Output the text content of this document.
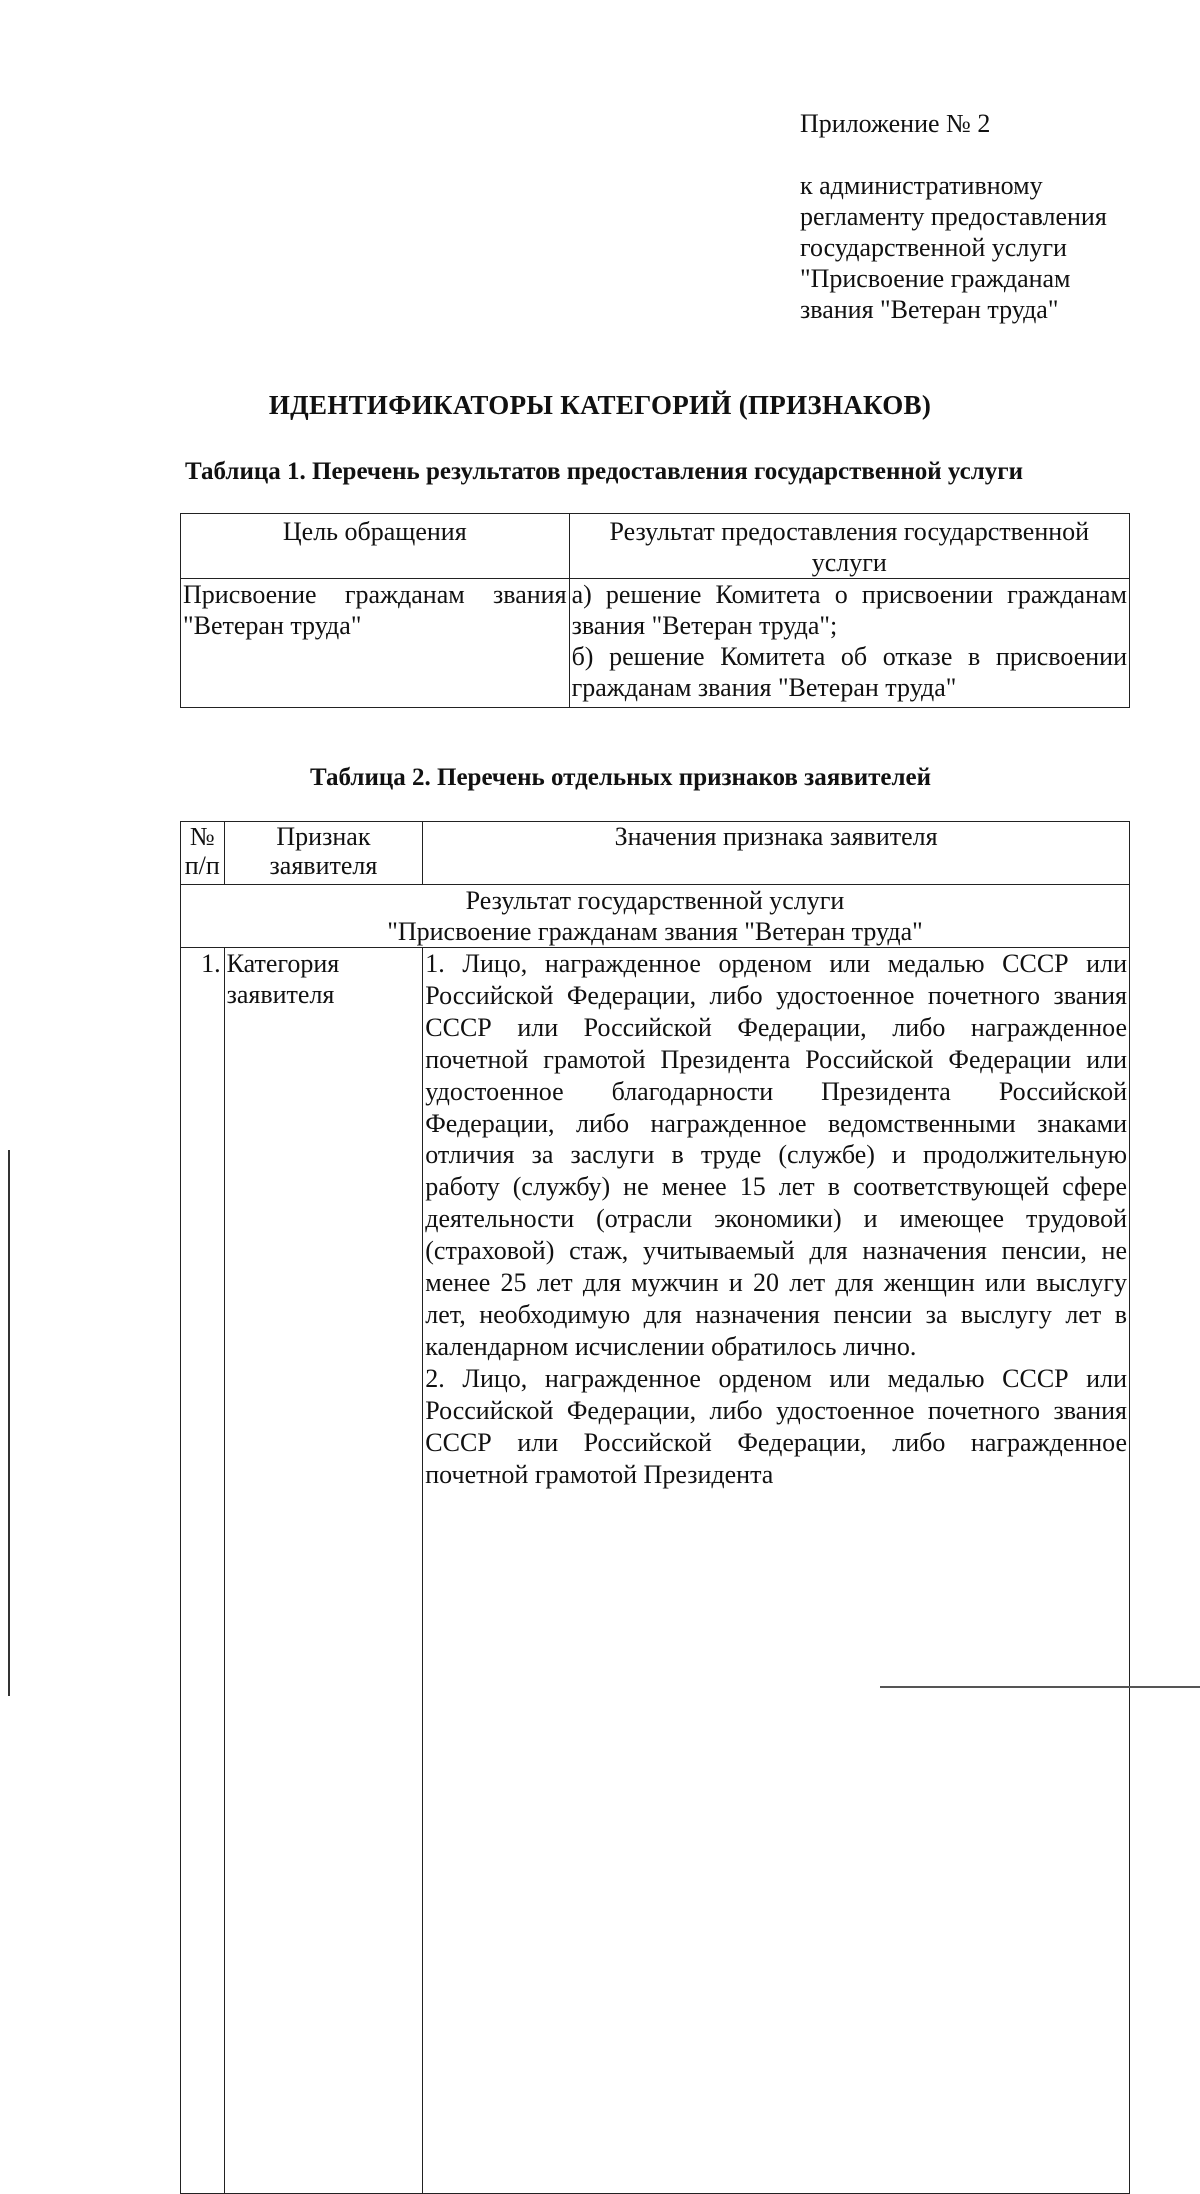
Приложение № 2
к административному
регламенту предоставления
государственной услуги
"Присвоение гражданам
звания "Ветеран труда"
ИДЕНТИФИКАТОРЫ КАТЕГОРИЙ (ПРИЗНАКОВ)
Таблица 1. Перечень результатов предоставления государственной услуги
Цель обращения	Результат предоставления государственной услуги
Присвоение гражданам звания "Ветеран труда"	а) решение Комитета о присвоении гражданам звания "Ветеран труда";
б) решение Комитета об отказе в присвоении гражданам звания "Ветеран труда"
Таблица 2. Перечень отдельных признаков заявителей
№ п/п	Признак заявителя	Значения признака заявителя

Результат государственной услуги
"Присвоение гражданам звания "Ветеран труда"		

1.	Категория заявителя	1. Лицо, награжденное орденом или медалью СССР или Российской Федерации, либо удостоенное почетного звания СССР или Российской Федерации, либо награжденное почетной грамотой Президента Российской Федерации или удостоенное благодарности Президента Российской Федерации, либо награжденное ведомственными знаками отличия за заслуги в труде (службе) и продолжительную работу (службу) не менее 15 лет в соответствующей сфере деятельности (отрасли экономики) и имеющее трудовой (страховой) стаж, учитываемый для назначения пенсии, не менее 25 лет для мужчин и 20 лет для женщин или выслугу лет, необходимую для назначения пенсии за выслугу лет в календарном исчислении обратилось лично.

2. Лицо, награжденное орденом или медалью СССР или Российской Федерации, либо удостоенное почетного звания СССР или Российской Федерации, либо награжденное почетной грамотой Президента
